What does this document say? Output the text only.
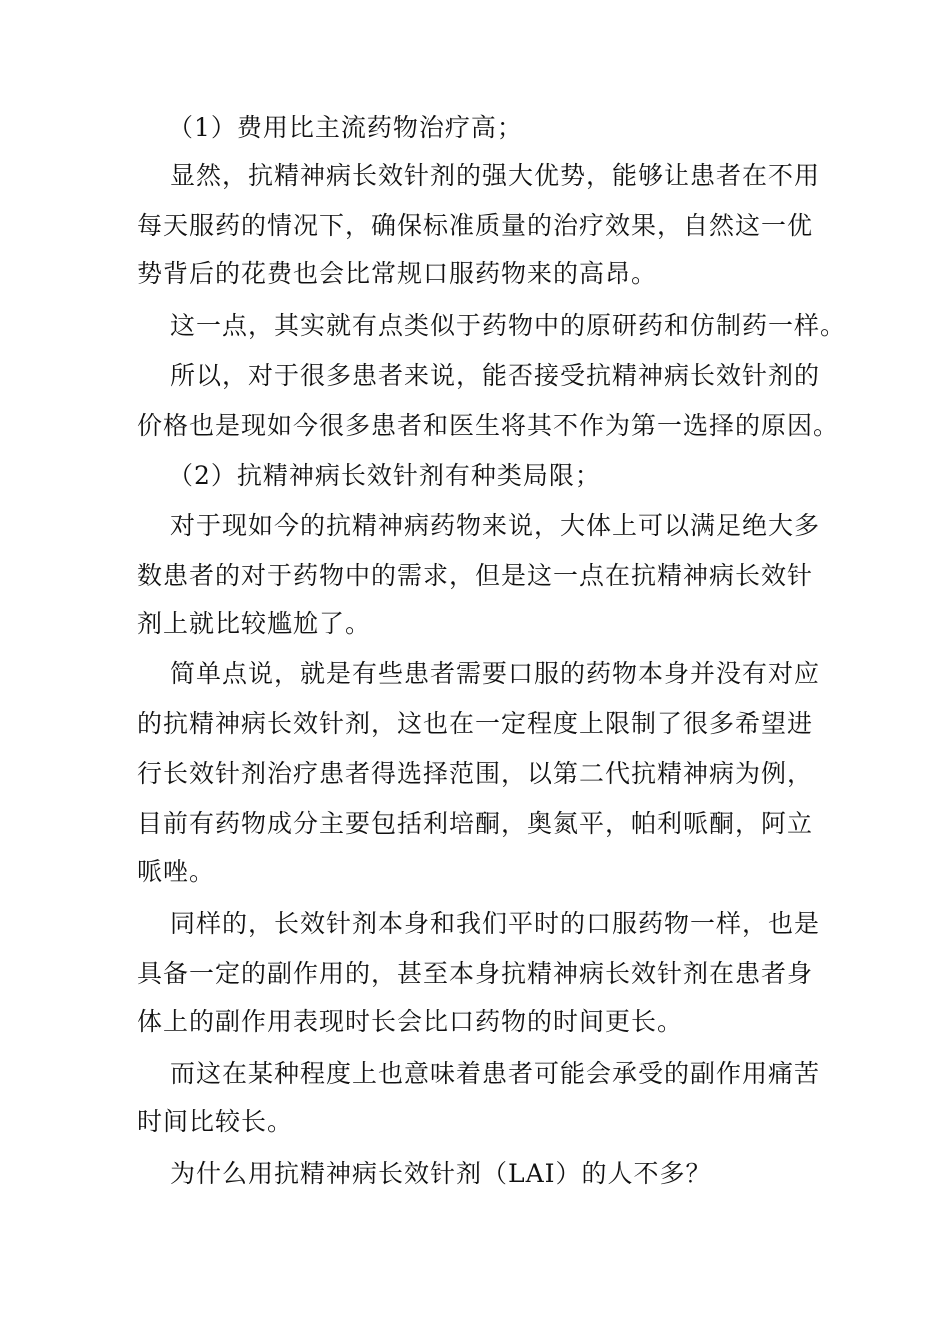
（1）费用比主流药物治疗高；
显然，抗精神病长效针剂的强大优势，能够让患者在不用
每天服药的情况下，确保标准质量的治疗效果，自然这一优
势背后的花费也会比常规口服药物来的高昂。
这一点，其实就有点类似于药物中的原研药和仿制药一样。
所以，对于很多患者来说，能否接受抗精神病长效针剂的
价格也是现如今很多患者和医生将其不作为第一选择的原因。
（2）抗精神病长效针剂有种类局限；
对于现如今的抗精神病药物来说，大体上可以满足绝大多
数患者的对于药物中的需求，但是这一点在抗精神病长效针
剂上就比较尴尬了。
简单点说，就是有些患者需要口服的药物本身并没有对应
的抗精神病长效针剂，这也在一定程度上限制了很多希望进
行长效针剂治疗患者得选择范围，以第二代抗精神病为例，
目前有药物成分主要包括利培酮，奥氮平，帕利哌酮，阿立
哌唑。
同样的，长效针剂本身和我们平时的口服药物一样，也是
具备一定的副作用的，甚至本身抗精神病长效针剂在患者身
体上的副作用表现时长会比口药物的时间更长。
而这在某种程度上也意味着患者可能会承受的副作用痛苦
时间比较长。
为什么用抗精神病长效针剂（LAI）的人不多？
